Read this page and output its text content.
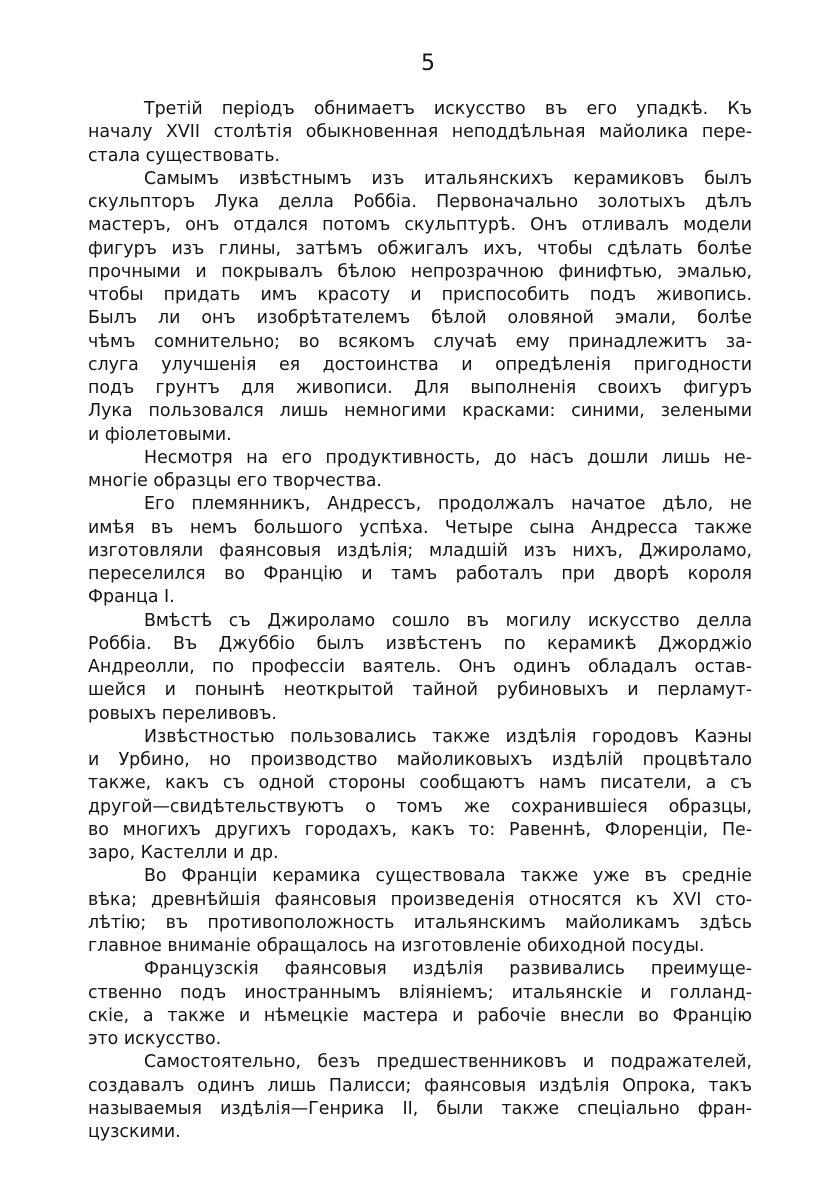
5
Третій періодъ обнимаетъ искусство въ его упадкѣ. Къ
началу XVII столѣтія обыкновенная неподдѣльная майолика пере-
стала существовать.
Самымъ извѣстнымъ изъ итальянскихъ керамиковъ былъ
скульпторъ Лука делла Роббіа. Первоначально золотыхъ дѣлъ
мастеръ, онъ отдался потомъ скульптурѣ. Онъ отливалъ модели
фигуръ изъ глины, затѣмъ обжигалъ ихъ, чтобы сдѣлать болѣе
прочными и покрывалъ бѣлою непрозрачною финифтью, эмалью,
чтобы придать имъ красоту и приспособить подъ живопись.
Былъ ли онъ изобрѣтателемъ бѣлой оловяной эмали, болѣе
чѣмъ сомнительно; во всякомъ случаѣ ему принадлежитъ за-
слуга улучшенія ея достоинства и опредѣленія пригодности
подъ грунтъ для живописи. Для выполненія своихъ фигуръ
Лука пользовался лишь немногими красками: синими, зелеными
и фіолетовыми.
Несмотря на его продуктивность, до насъ дошли лишь не-
многіе образцы его творчества.
Его племянникъ, Андрессъ, продолжалъ начатое дѣло, не
имѣя въ немъ большого успѣха. Четыре сына Андресса также
изготовляли фаянсовыя издѣлія; младшій изъ нихъ, Джироламо,
переселился во Францію и тамъ работалъ при дворѣ короля
Франца I.
Вмѣстѣ съ Джироламо сошло въ могилу искусство делла
Роббіа. Въ Джуббіо былъ извѣстенъ по керамикѣ Джорджіо
Андреолли, по профессіи ваятель. Онъ одинъ обладалъ остав-
шейся и понынѣ неоткрытой тайной рубиновыхъ и перламут-
ровыхъ переливовъ.
Извѣстностью пользовались также издѣлія городовъ Каэны
и Урбино, но производство майоликовыхъ издѣлій процвѣтало
также, какъ съ одной стороны сообщаютъ намъ писатели, а съ
другой—свидѣтельствуютъ о томъ же сохранившіеся образцы,
во многихъ другихъ городахъ, какъ то: Равеннѣ, Флоренціи, Пе-
заро, Кастелли и др.
Во Франціи керамика существовала также уже въ средніе
вѣка; древнѣйшія фаянсовыя произведенія относятся къ XVI сто-
лѣтію; въ противоположность итальянскимъ майоликамъ здѣсь
главное вниманіе обращалось на изготовленіе обиходной посуды.
Французскія фаянсовыя издѣлія развивались преимуще-
ственно подъ иностраннымъ вліяніемъ; итальянскіе и голланд-
скіе, а также и нѣмецкіе мастера и рабочіе внесли во Францію
это искусство.
Самостоятельно, безъ предшественниковъ и подражателей,
создавалъ одинъ лишь Палисси; фаянсовыя издѣлія Опрока, такъ
называемыя издѣлія—Генрика II, были также спеціально фран-
цузскими.
